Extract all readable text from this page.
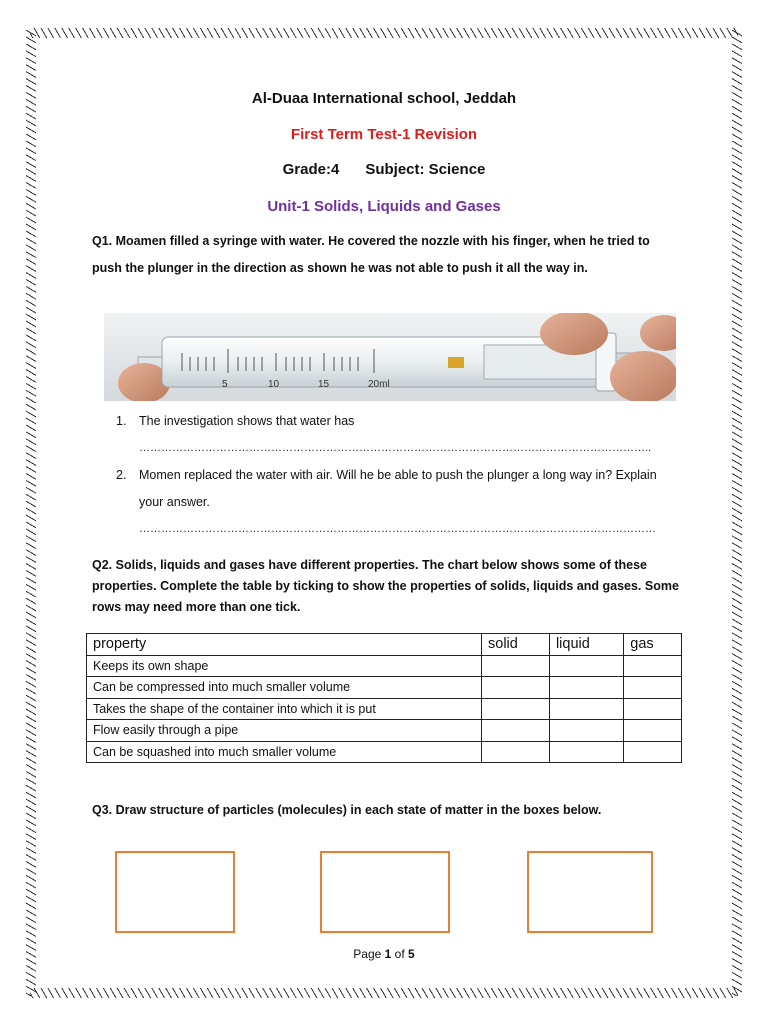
Al-Duaa International school, Jeddah
First Term Test-1 Revision
Grade:4 Subject: Science
Unit-1 Solids, Liquids and Gases
Q1. Moamen filled a syringe with water. He covered the nozzle with his finger, when he tried to push the plunger in the direction as shown he was not able to push it all the way in.
5	10	15	20ml
1. The investigation shows that water has
…………………………………………………………………………………………………………………………..
2. Momen replaced the water with air. Will he be able to push the plunger a long way in? Explain your answer.
……………………………………………………………………………………………………………………………
Q2. Solids, liquids and gases have different properties. The chart below shows some of these properties. Complete the table by ticking to show the properties of solids, liquids and gases. Some rows may need more than one tick.
property	solid	liquid	gas
Keeps its own shape			
Can be compressed into much smaller volume			
Takes the shape of the container into which it is put			
Flow easily through a pipe			
Can be squashed into much smaller volume			
Q3. Draw structure of particles (molecules) in each state of matter in the boxes below.
Page 1 of 5
